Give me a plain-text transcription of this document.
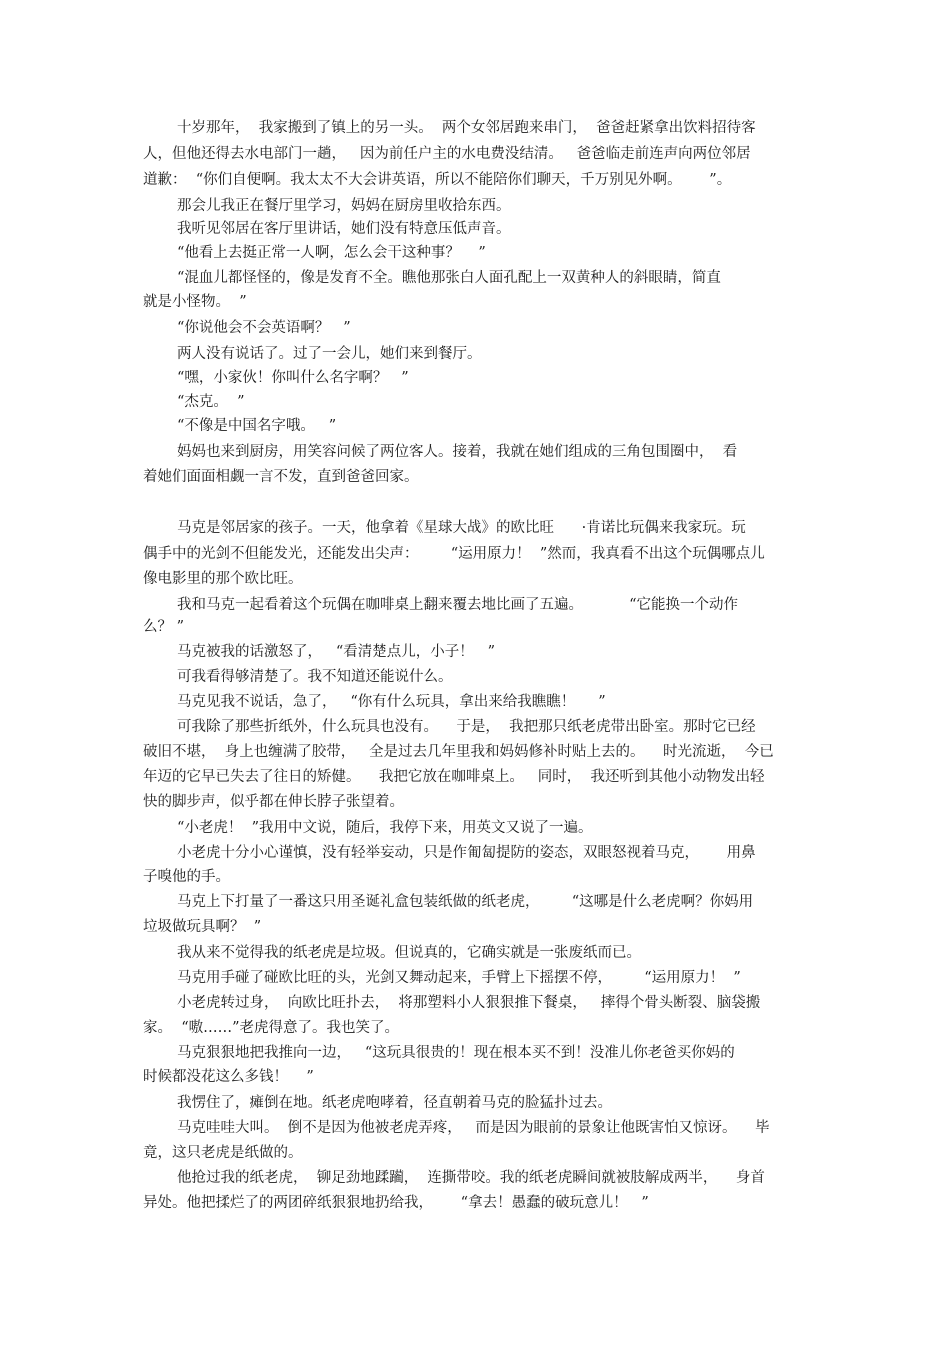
十岁那年，  我家搬到了镇上的另一头。  两个女邻居跑来串门，  爸爸赶紧拿出饮料招待客
人，但他还得去水电部门一趟，   因为前任户主的水电费没结清。   爸爸临走前连声向两位邻居
道歉：  “你们自便啊。我太太不大会讲英语，所以不能陪你们聊天，千万别见外啊。      ”。
那会儿我正在餐厅里学习，妈妈在厨房里收拾东西。
我听见邻居在客厅里讲话，她们没有特意压低声音。
“他看上去挺正常一人啊，怎么会干这种事？    ”
“混血儿都怪怪的，像是发育不全。瞧他那张白人面孔配上一双黄种人的斜眼睛，简直
就是小怪物。  ”
“你说他会不会英语啊？   ”
两人没有说话了。过了一会儿，她们来到餐厅。
“嘿，小家伙！你叫什么名字啊？   ”
“杰克。  ”
“不像是中国名字哦。   ”
妈妈也来到厨房，用笑容问候了两位客人。接着，我就在她们组成的三角包围圈中，  看
着她们面面相觑一言不发，直到爸爸回家。
马克是邻居家的孩子。一天，他拿着《星球大战》的欧比旺      ·肯诺比玩偶来我家玩。玩
偶手中的光剑不但能发光，还能发出尖声：       “运用原力！  ”然而，我真看不出这个玩偶哪点儿
像电影里的那个欧比旺。
我和马克一起看着这个玩偶在咖啡桌上翻来覆去地比画了五遍。          “它能换一个动作
么？ ”
马克被我的话激怒了，   “看清楚点儿，小子！   ”
可我看得够清楚了。我不知道还能说什么。
马克见我不说话，急了，   “你有什么玩具，拿出来给我瞧瞧！     ”
可我除了那些折纸外，什么玩具也没有。    于是，  我把那只纸老虎带出卧室。那时它已经
破旧不堪，  身上也缠满了胶带，   全是过去几年里我和妈妈修补时贴上去的。    时光流逝，  今已
年迈的它早已失去了往日的矫健。    我把它放在咖啡桌上。   同时，  我还听到其他小动物发出轻
快的脚步声，似乎都在伸长脖子张望着。
“小老虎！  ”我用中文说，随后，我停下来，用英文又说了一遍。
小老虎十分小心谨慎，没有轻举妄动，只是作匍匐提防的姿态，双眼怒视着马克，      用鼻
子嗅他的手。
马克上下打量了一番这只用圣诞礼盒包装纸做的纸老虎，       “这哪是什么老虎啊？你妈用
垃圾做玩具啊？  ”
我从来不觉得我的纸老虎是垃圾。但说真的，它确实就是一张废纸而已。
马克用手碰了碰欧比旺的头，光剑又舞动起来，手臂上下摇摆不停，       “运用原力！  ”
小老虎转过身，  向欧比旺扑去，  将那塑料小人狠狠推下餐桌，   摔得个骨头断裂、脑袋搬
家。  “嗷……”老虎得意了。我也笑了。
马克狠狠地把我推向一边，   “这玩具很贵的！现在根本买不到！没准儿你老爸买你妈的
时候都没花这么多钱！    ”
我愣住了，瘫倒在地。纸老虎咆哮着，径直朝着马克的脸猛扑过去。
马克哇哇大叫。  倒不是因为他被老虎弄疼，   而是因为眼前的景象让他既害怕又惊讶。    毕
竟，这只老虎是纸做的。
他抢过我的纸老虎，  铆足劲地蹂躏，  连撕带咬。我的纸老虎瞬间就被肢解成两半，    身首
异处。他把揉烂了的两团碎纸狠狠地扔给我，      “拿去！愚蠢的破玩意儿！   ”
